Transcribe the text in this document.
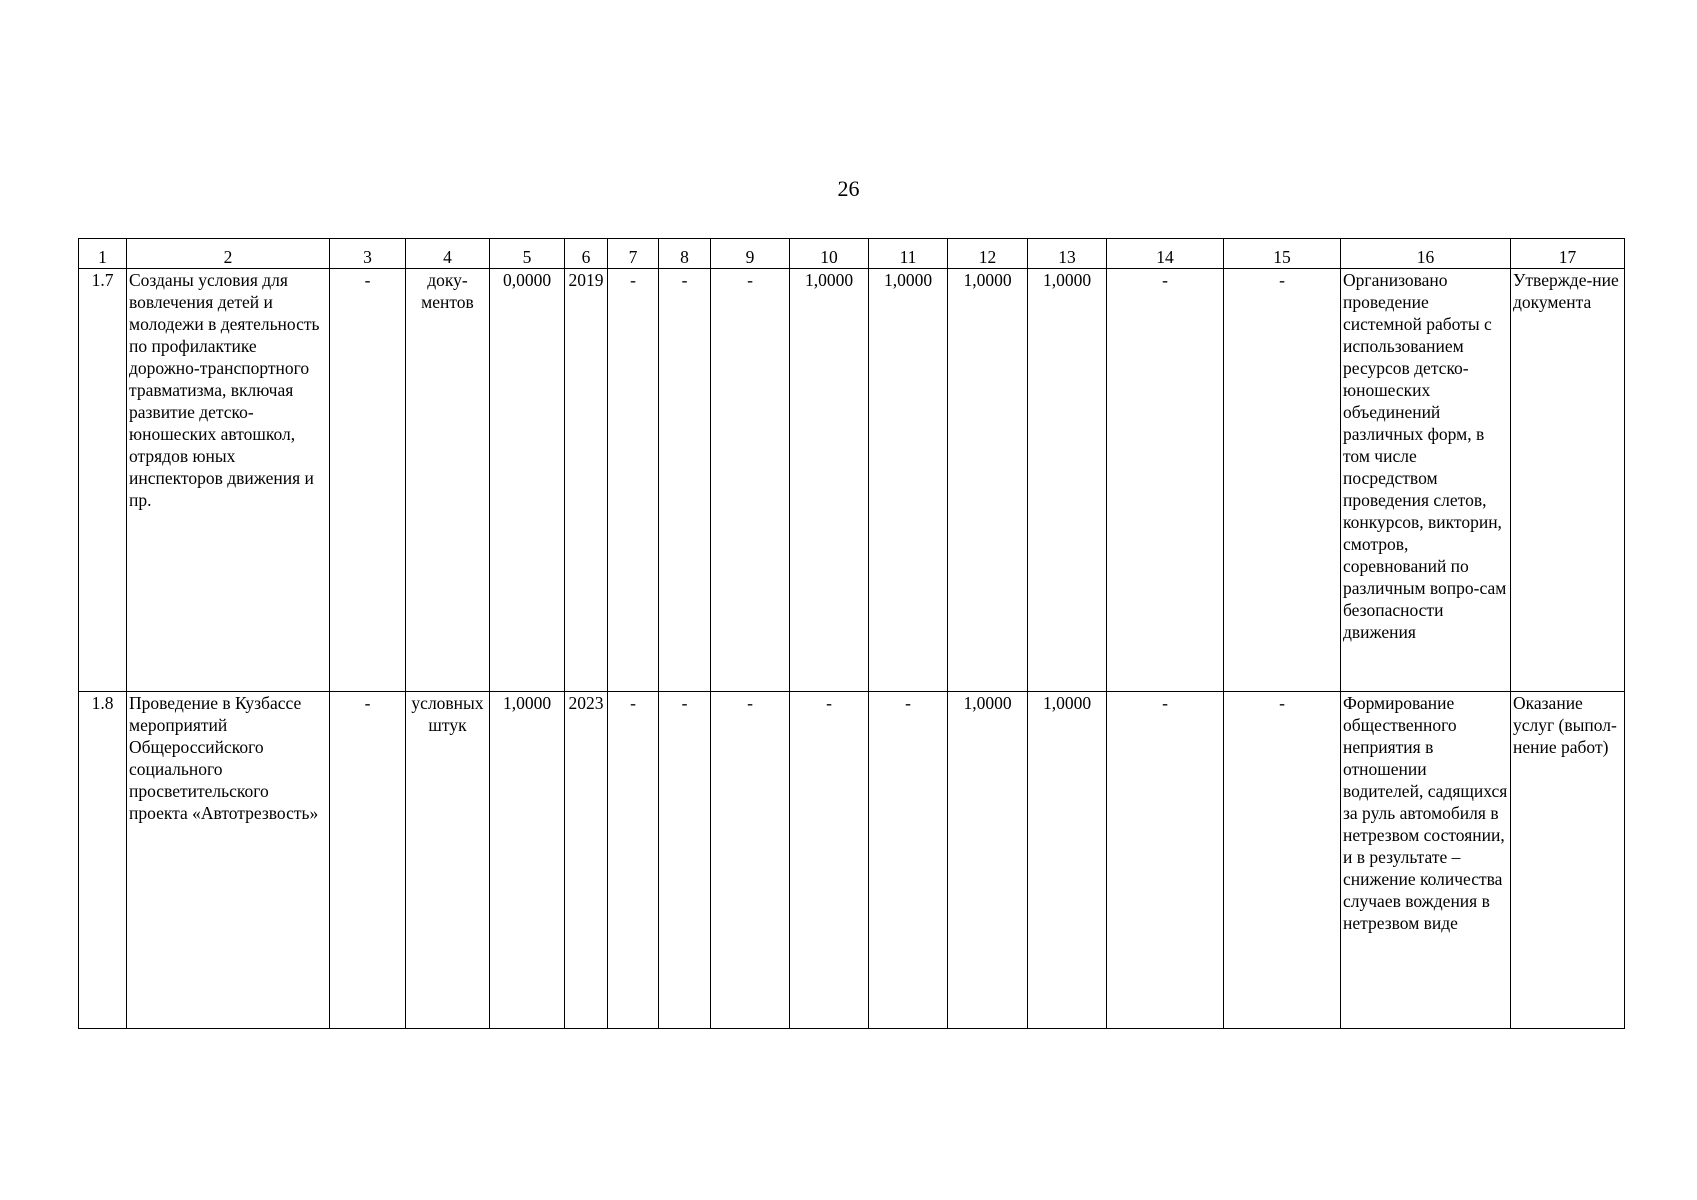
26
1	2	3	4	5	6	7	8	9	10	11	12	13	14	15	16	17
1.7	Созданы условия для вовлечения детей и молодежи в деятельность по профилактике дорожно-транспортного травматизма, включая развитие детско-юношеских автошкол, отрядов юных инспекторов движения и пр.	-	доку-ментов	0,0000	2019	-	-	-	1,0000	1,0000	1,0000	1,0000	-	-	Организовано проведение системной работы с использованием ресурсов детско-юношеских объединений различных форм, в том числе посредством проведения слетов, конкурсов, викторин, смотров, соревнований по различным вопро-сам безопасности движения	Утвержде-ние документа
1.8	Проведение в Кузбассе мероприятий Общероссийского социального просветительского проекта «Автотрезвость»	-	условных штук	1,0000	2023	-	-	-	-	-	1,0000	1,0000	-	-	Формирование общественного неприятия в отношении водителей, садящихся за руль автомобиля в нетрезвом состоянии, и в результате – снижение количества случаев вождения в нетрезвом виде	Оказание услуг (выпол-нение работ)
